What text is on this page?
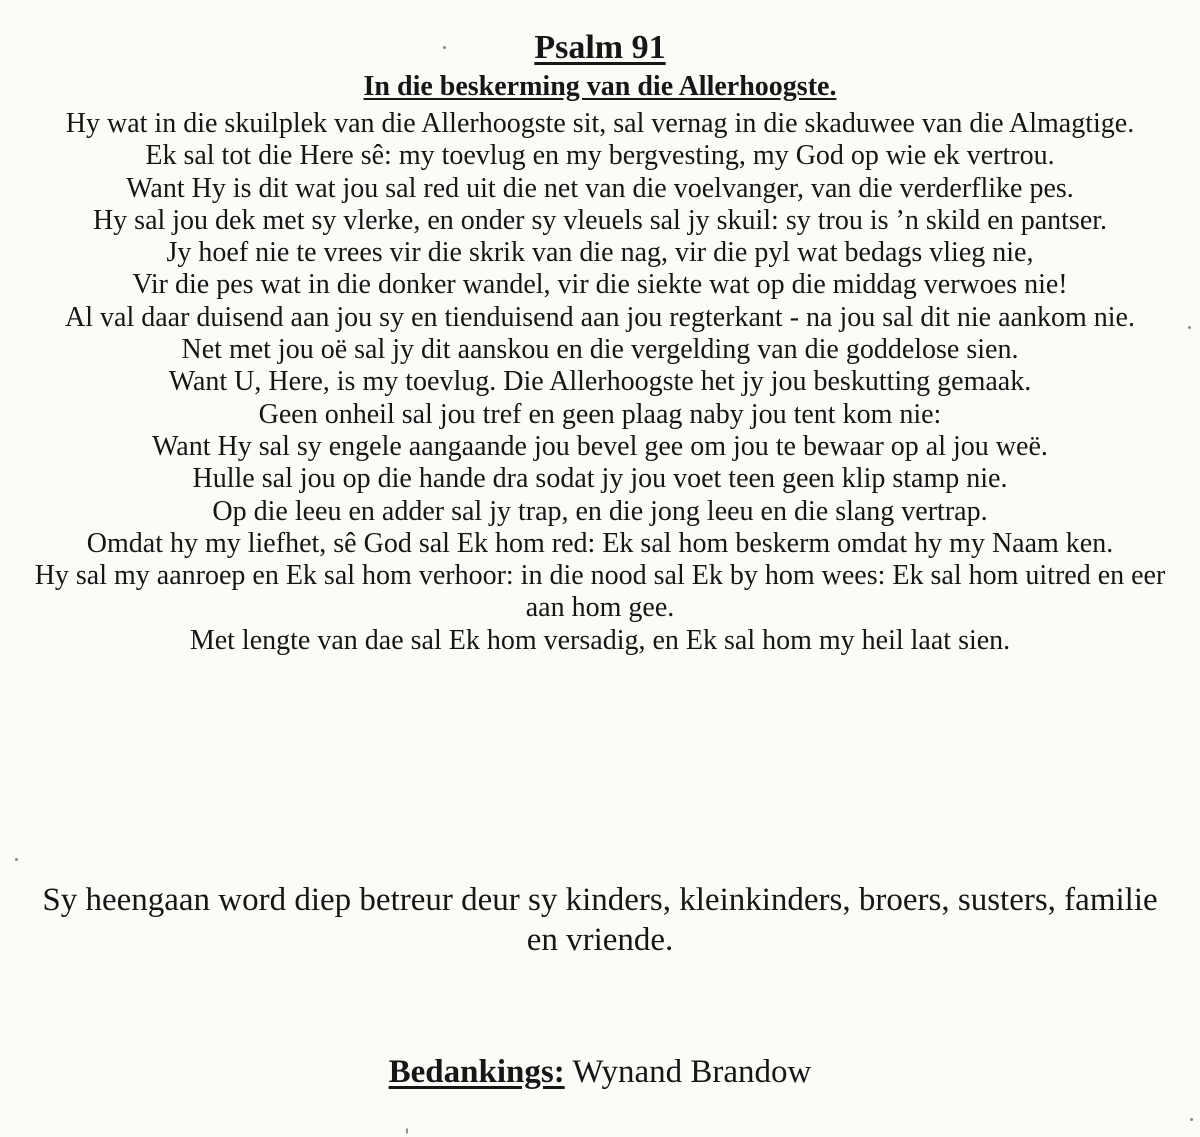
Psalm 91
In die beskerming van die Allerhoogste.
Hy wat in die skuilplek van die Allerhoogste sit, sal vernag in die skaduwee van die Almagtige.
Ek sal tot die Here sê: my toevlug en my bergvesting, my God op wie ek vertrou.
Want Hy is dit wat jou sal red uit die net van die voelvanger, van die verderflike pes.
Hy sal jou dek met sy vlerke, en onder sy vleuels sal jy skuil: sy trou is ’n skild en pantser.
Jy hoef nie te vrees vir die skrik van die nag, vir die pyl wat bedags vlieg nie,
Vir die pes wat in die donker wandel, vir die siekte wat op die middag verwoes nie!
Al val daar duisend aan jou sy en tienduisend aan jou regterkant - na jou sal dit nie aankom nie.
Net met jou oë sal jy dit aanskou en die vergelding van die goddelose sien.
Want U, Here, is my toevlug. Die Allerhoogste het jy jou beskutting gemaak.
Geen onheil sal jou tref en geen plaag naby jou tent kom nie:
Want Hy sal sy engele aangaande jou bevel gee om jou te bewaar op al jou weë.
Hulle sal jou op die hande dra sodat jy jou voet teen geen klip stamp nie.
Op die leeu en adder sal jy trap, en die jong leeu en die slang vertrap.
Omdat hy my liefhet, sê God sal Ek hom red: Ek sal hom beskerm omdat hy my Naam ken.
Hy sal my aanroep en Ek sal hom verhoor: in die nood sal Ek by hom wees: Ek sal hom uitred en eer aan hom gee.
Met lengte van dae sal Ek hom versadig, en Ek sal hom my heil laat sien.

Sy heengaan word diep betreur deur sy kinders, kleinkinders, broers, susters, familie en vriende.

Bedankings: Wynand Brandow
